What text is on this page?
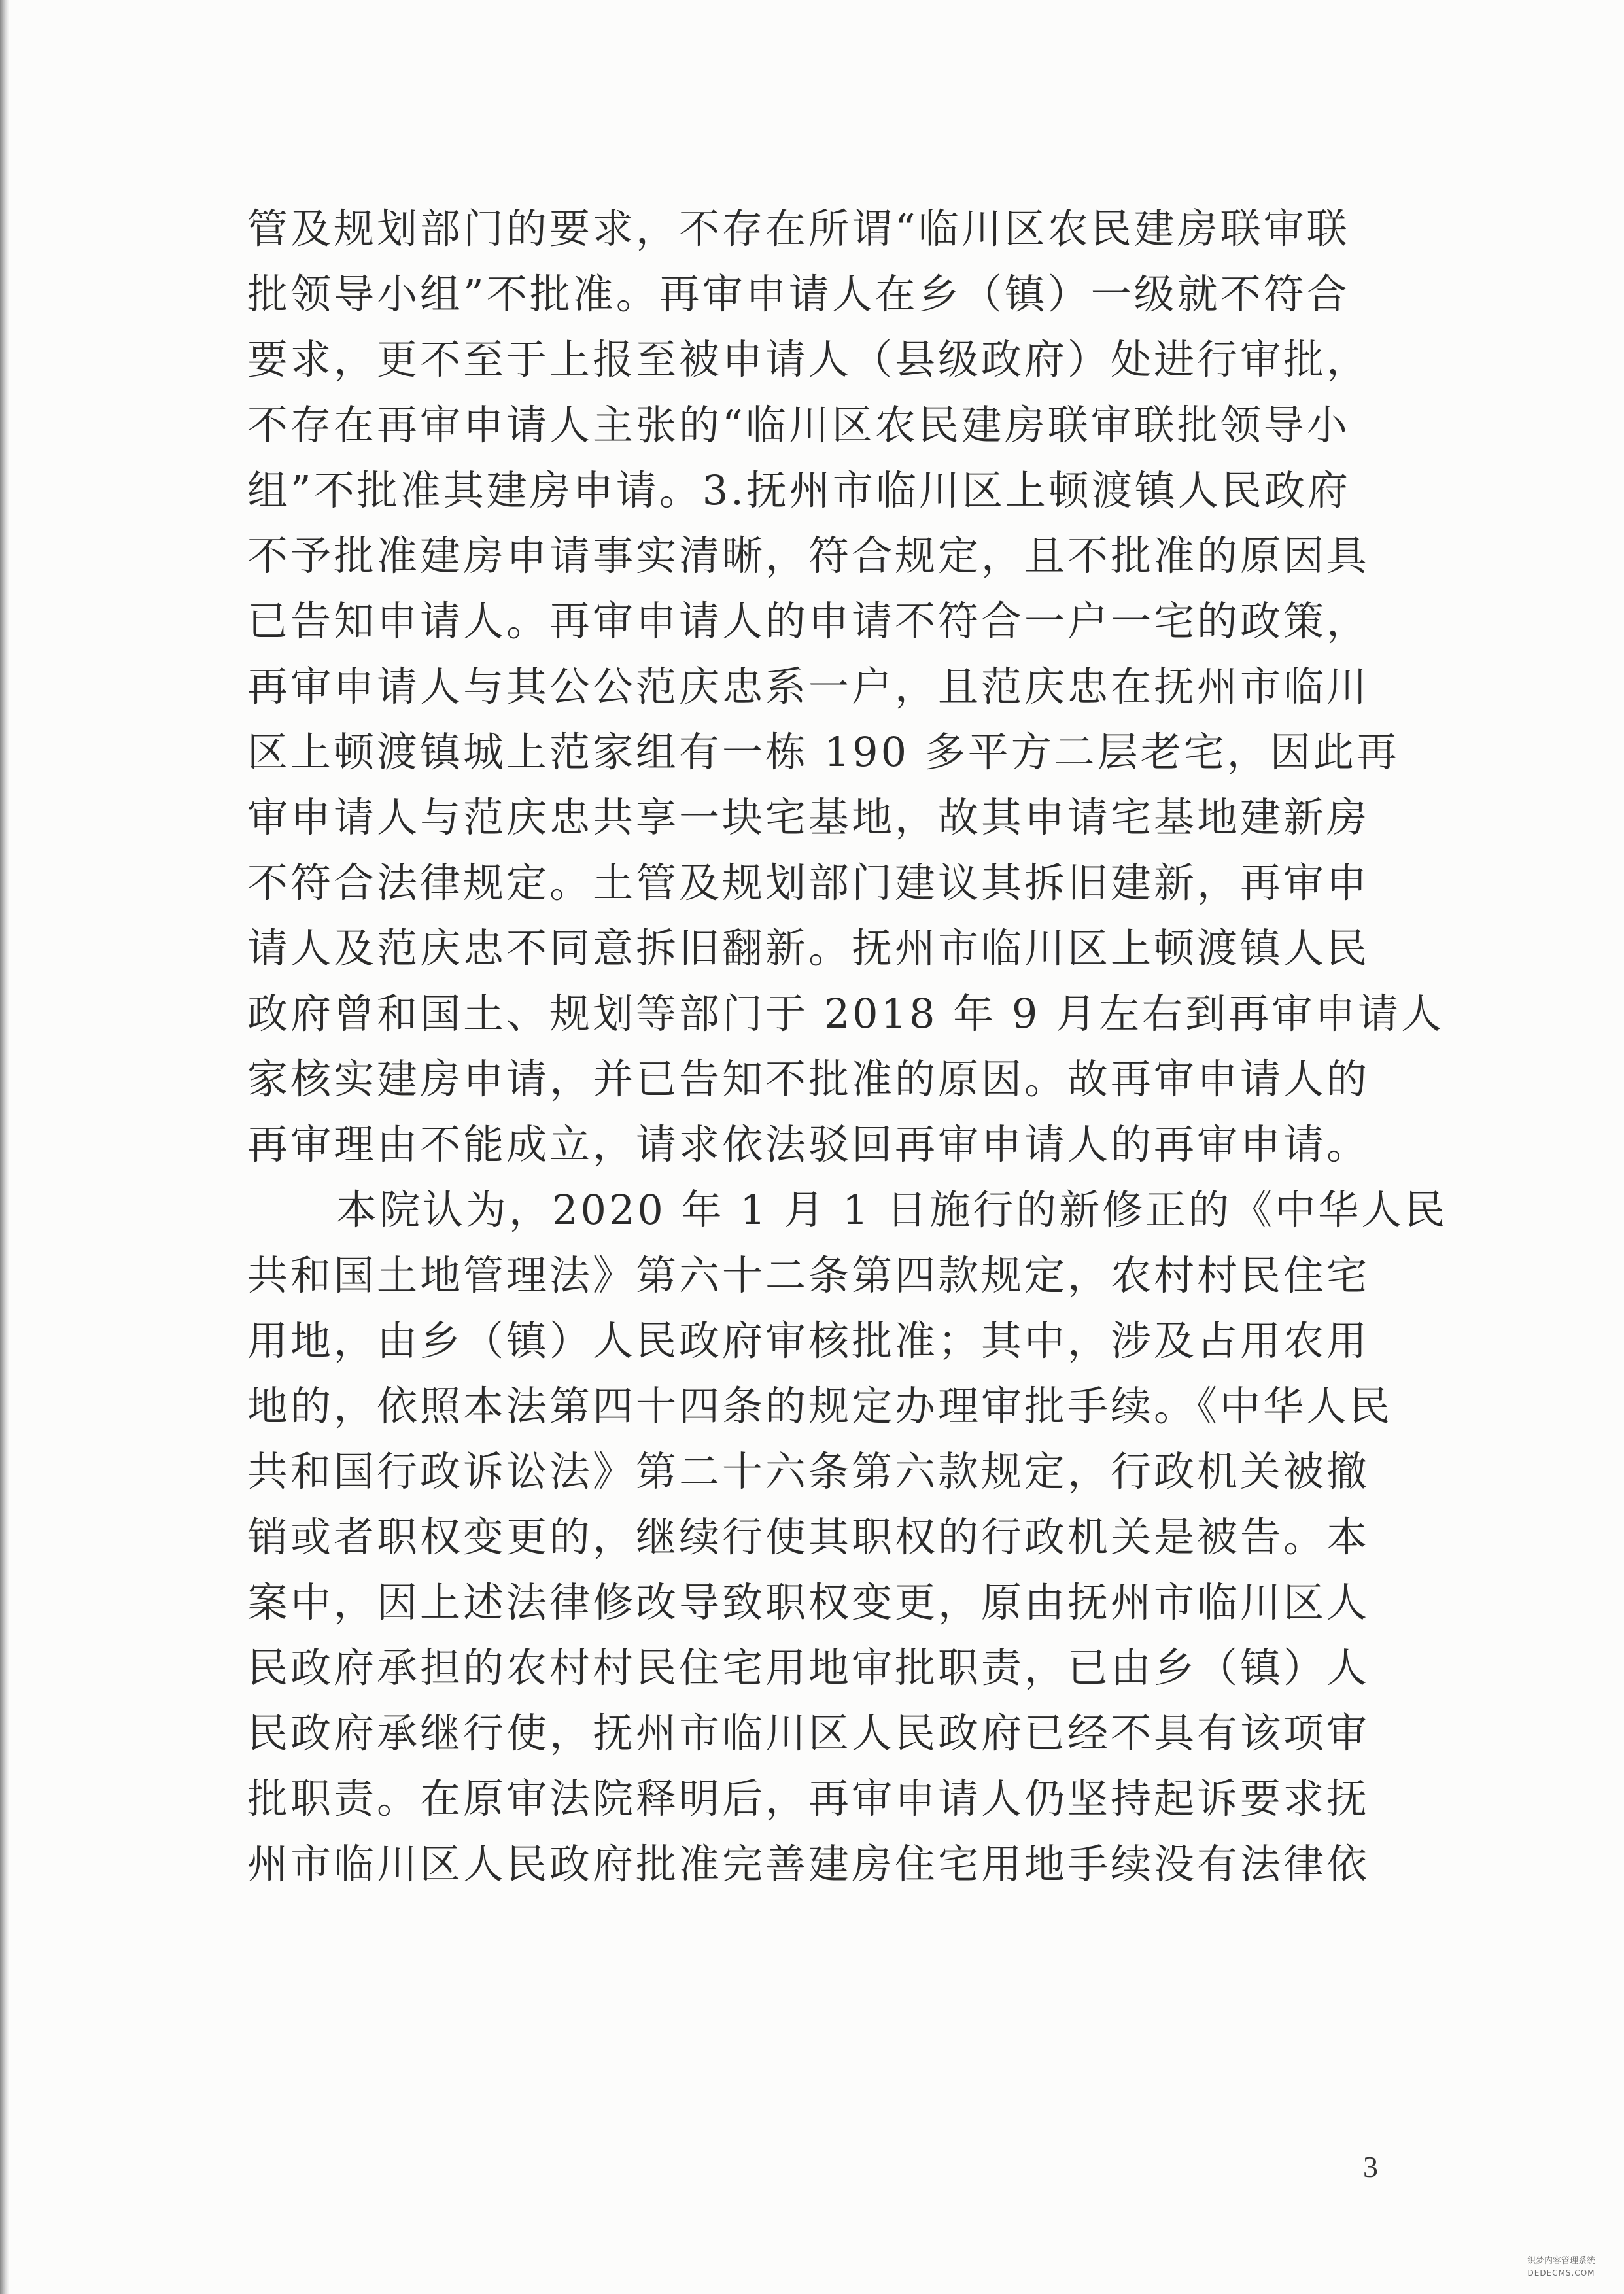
管及规划部门的要求，不存在所谓“临川区农民建房联审联
批领导小组”不批准。再审申请人在乡（镇）一级就不符合
要求，更不至于上报至被申请人（县级政府）处进行审批，
不存在再审申请人主张的“临川区农民建房联审联批领导小
组”不批准其建房申请。3.抚州市临川区上顿渡镇人民政府
不予批准建房申请事实清晰，符合规定，且不批准的原因具
已告知申请人。再审申请人的申请不符合一户一宅的政策，
再审申请人与其公公范庆忠系一户，且范庆忠在抚州市临川
区上顿渡镇城上范家组有一栋 190 多平方二层老宅，因此再
审申请人与范庆忠共享一块宅基地，故其申请宅基地建新房
不符合法律规定。土管及规划部门建议其拆旧建新，再审申
请人及范庆忠不同意拆旧翻新。抚州市临川区上顿渡镇人民
政府曾和国土、规划等部门于 2018 年 9 月左右到再审申请人
家核实建房申请，并已告知不批准的原因。故再审申请人的
再审理由不能成立，请求依法驳回再审申请人的再审申请。
本院认为，2020 年 1 月 1 日施行的新修正的《中华人民
共和国土地管理法》第六十二条第四款规定，农村村民住宅
用地，由乡（镇）人民政府审核批准；其中，涉及占用农用
地的，依照本法第四十四条的规定办理审批手续。《中华人民
共和国行政诉讼法》第二十六条第六款规定，行政机关被撤
销或者职权变更的，继续行使其职权的行政机关是被告。本
案中，因上述法律修改导致职权变更，原由抚州市临川区人
民政府承担的农村村民住宅用地审批职责，已由乡（镇）人
民政府承继行使，抚州市临川区人民政府已经不具有该项审
批职责。在原审法院释明后，再审申请人仍坚持起诉要求抚
州市临川区人民政府批准完善建房住宅用地手续没有法律依
3
织梦内容管理系统
DEDECMS.COM
